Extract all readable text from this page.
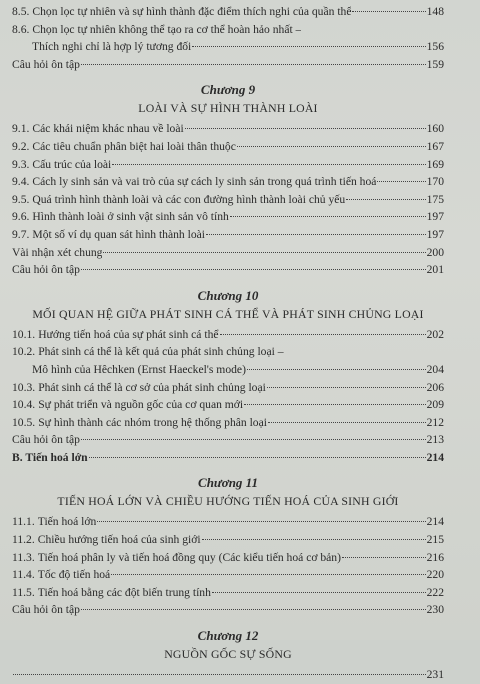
8.5. Chọn lọc tự nhiên và sự hình thành đặc điểm thích nghi của quần thể	148
8.6. Chọn lọc tự nhiên không thể tạo ra cơ thể hoàn hảo nhất –
Thích nghi chỉ là hợp lý tương đối	156
Câu hỏi ôn tập	159
Chương 9
LOÀI VÀ SỰ HÌNH THÀNH LOÀI
9.1. Các khái niệm khác nhau về loài	160
9.2. Các tiêu chuẩn phân biệt hai loài thân thuộc	167
9.3. Cấu trúc của loài	169
9.4. Cách ly sinh sản và vai trò của sự cách ly sinh sản trong quá trình tiến hoá	170
9.5. Quá trình hình thành loài và các con đường hình thành loài chủ yếu	175
9.6. Hình thành loài ở sinh vật sinh sản vô tính	197
9.7. Một số ví dụ quan sát hình thành loài	197
Vài nhận xét chung	200
Câu hỏi ôn tập	201
Chương 10
MỐI QUAN HỆ GIỮA PHÁT SINH CÁ THỂ VÀ PHÁT SINH CHỦNG LOẠI
10.1. Hướng tiến hoá của sự phát sinh cá thể	202
10.2. Phát sinh cá thể là kết quả của phát sinh chủng loại –
Mô hình của Hêchken (Ernst Haeckel's mode)	204
10.3. Phát sinh cá thể là cơ sở của phát sinh chủng loại	206
10.4. Sự phát triển và nguồn gốc của cơ quan mới	209
10.5. Sự hình thành các nhóm trong hệ thống phân loại	212
Câu hỏi ôn tập	213
B. Tiến hoá lớn	214
Chương 11
TIẾN HOÁ LỚN VÀ CHIỀU HƯỚNG TIẾN HOÁ CỦA SINH GIỚI
11.1. Tiến hoá lớn	214
11.2. Chiều hướng tiến hoá của sinh giới	215
11.3. Tiến hoá phân ly và tiến hoá đồng quy (Các kiểu tiến hoá cơ bản)	216
11.4. Tốc độ tiến hoá	220
11.5. Tiến hoá bằng các đột biến trung tính	222
Câu hỏi ôn tập	230
Chương 12
NGUỒN GỐC SỰ SỐNG
231
